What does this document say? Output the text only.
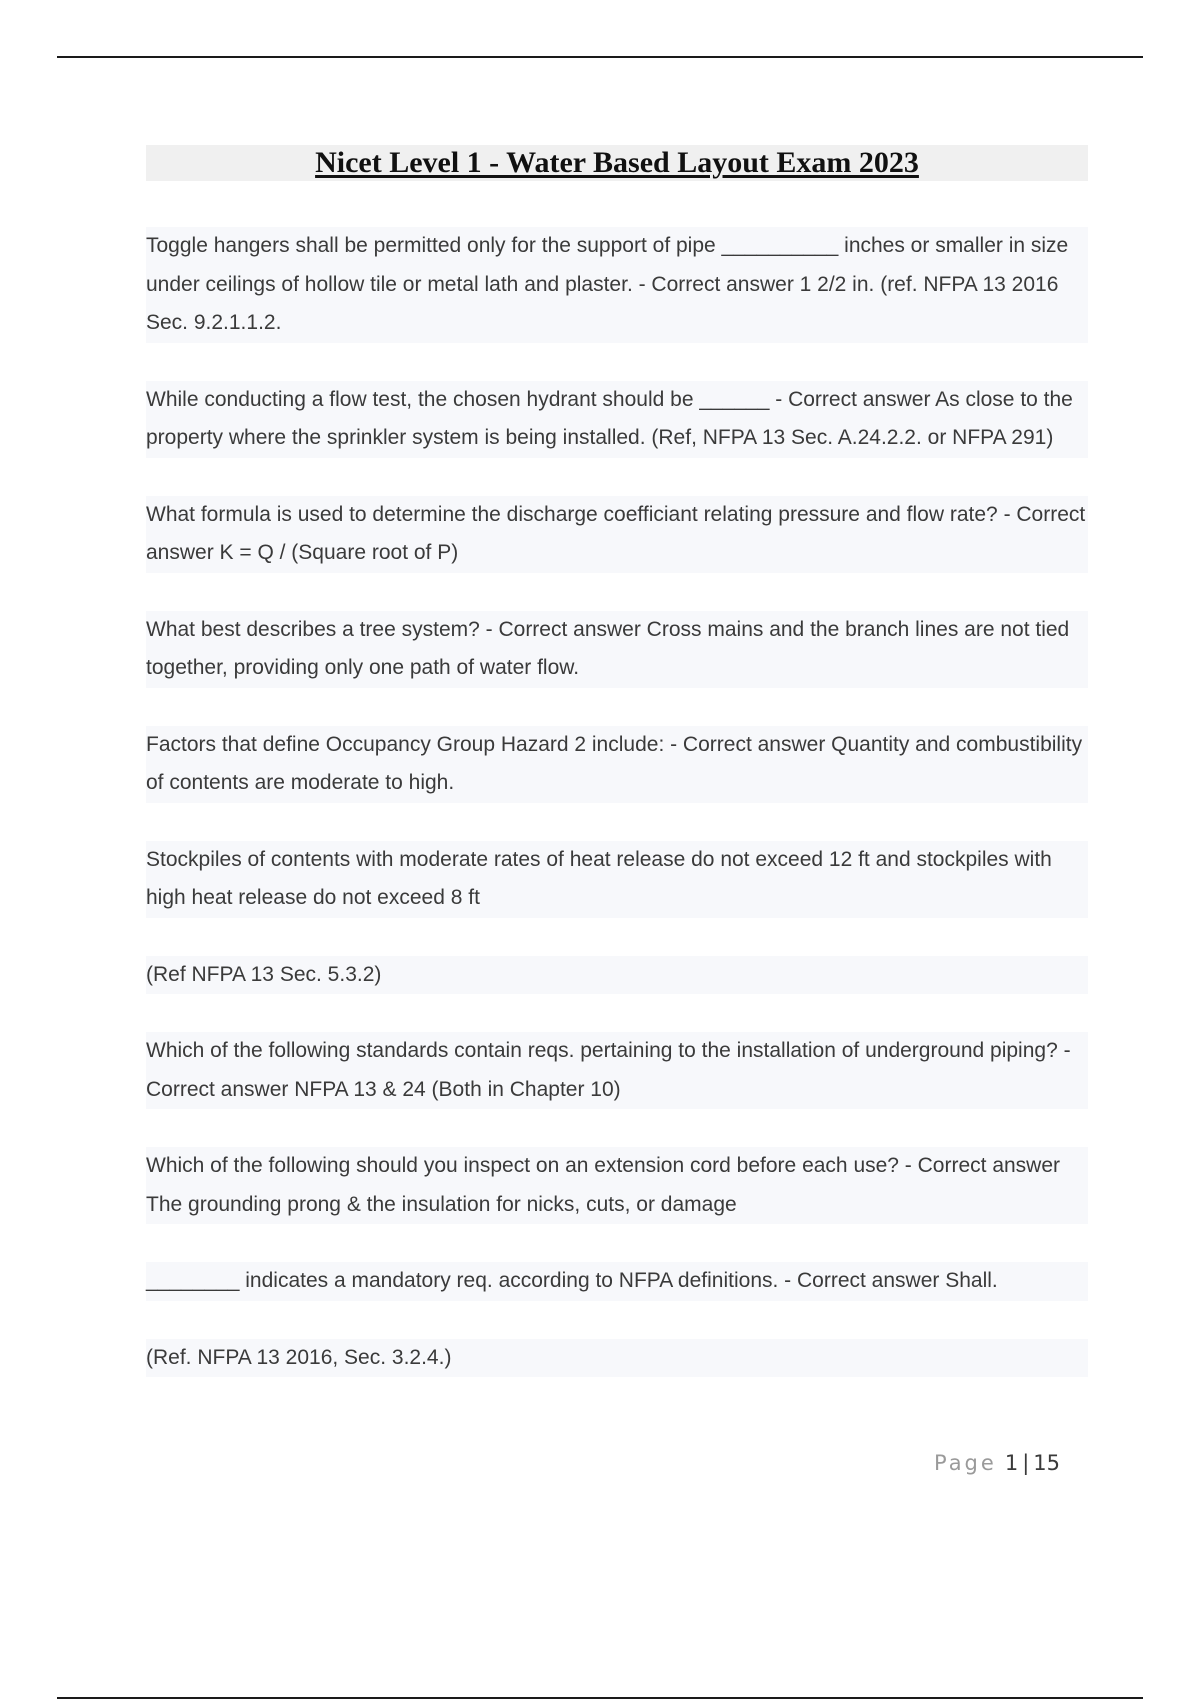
Nicet Level 1 - Water Based Layout Exam 2023

Toggle hangers shall be permitted only for the support of pipe __________ inches or smaller in size under ceilings of hollow tile or metal lath and plaster. - Correct answer 1 2/2 in. (ref. NFPA 13 2016 Sec. 9.2.1.1.2.

While conducting a flow test, the chosen hydrant should be ______ - Correct answer As close to the property where the sprinkler system is being installed. (Ref, NFPA 13 Sec. A.24.2.2. or NFPA 291)

What formula is used to determine the discharge coefficiant relating pressure and flow rate? - Correct answer K = Q / (Square root of P)

What best describes a tree system? - Correct answer Cross mains and the branch lines are not tied together, providing only one path of water flow.

Factors that define Occupancy Group Hazard 2 include: - Correct answer Quantity and combustibility of contents are moderate to high.

Stockpiles of contents with moderate rates of heat release do not exceed 12 ft and stockpiles with high heat release do not exceed 8 ft

(Ref NFPA 13 Sec. 5.3.2)

Which of the following standards contain reqs. pertaining to the installation of underground piping? - Correct answer NFPA 13 & 24 (Both in Chapter 10)

Which of the following should you inspect on an extension cord before each use? - Correct answer The grounding prong & the insulation for nicks, cuts, or damage

________ indicates a mandatory req. according to NFPA definitions. - Correct answer Shall.

(Ref. NFPA 13 2016, Sec. 3.2.4.)

Page 1 | 15
